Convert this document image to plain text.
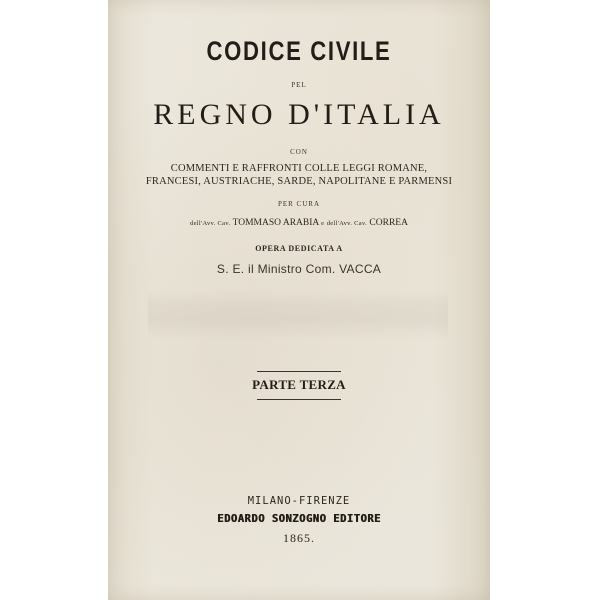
CODICE CIVILE
PEL
REGNO D'ITALIA
CON
COMMENTI E RAFFRONTI COLLE LEGGI ROMANE,
FRANCESI, AUSTRIACHE, SARDE, NAPOLITANE E PARMENSI
PER CURA
dell'Avv. Cav. TOMMASO ARABIA e dell'Avv. Cav. CORREA
OPERA DEDICATA A
S. E. il Ministro Com. VACCA
PARTE TERZA
MILANO-FIRENZE
EDOARDO SONZOGNO EDITORE
1865.
